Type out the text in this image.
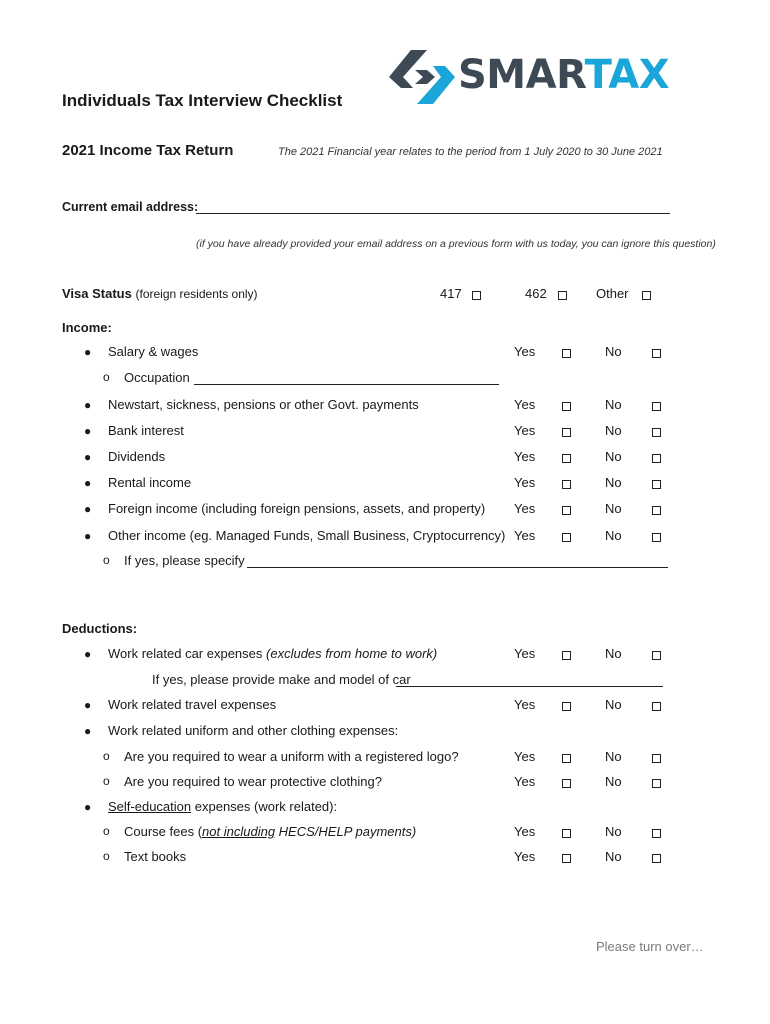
SMARTAX
Individuals Tax Interview Checklist
2021 Income Tax Return	The 2021 Financial year relates to the period from 1 July 2020 to 30 June 2021
Current email address:
(if you have already provided your email address on a previous form with us today, you can ignore this question)
Visa Status (foreign residents only)	417	462	Other
Income:
● Salary & wages	Yes	No
o Occupation
● Newstart, sickness, pensions or other Govt. payments	Yes	No
● Bank interest	Yes	No
● Dividends	Yes	No
● Rental income	Yes	No
● Foreign income (including foreign pensions, assets, and property) Yes	No
● Other income (eg. Managed Funds, Small Business, Cryptocurrency) Yes	No
o If yes, please specify
Deductions:
● Work related car expenses (excludes from home to work)	Yes	No
If yes, please provide make and model of car
● Work related travel expenses	Yes	No
● Work related uniform and other clothing expenses:
o Are you required to wear a uniform with a registered logo?	Yes	No
o Are you required to wear protective clothing?	Yes	No
● Self-education expenses (work related):
o Course fees (not including HECS/HELP payments)	Yes	No
o Text books	Yes	No
Please turn over…
